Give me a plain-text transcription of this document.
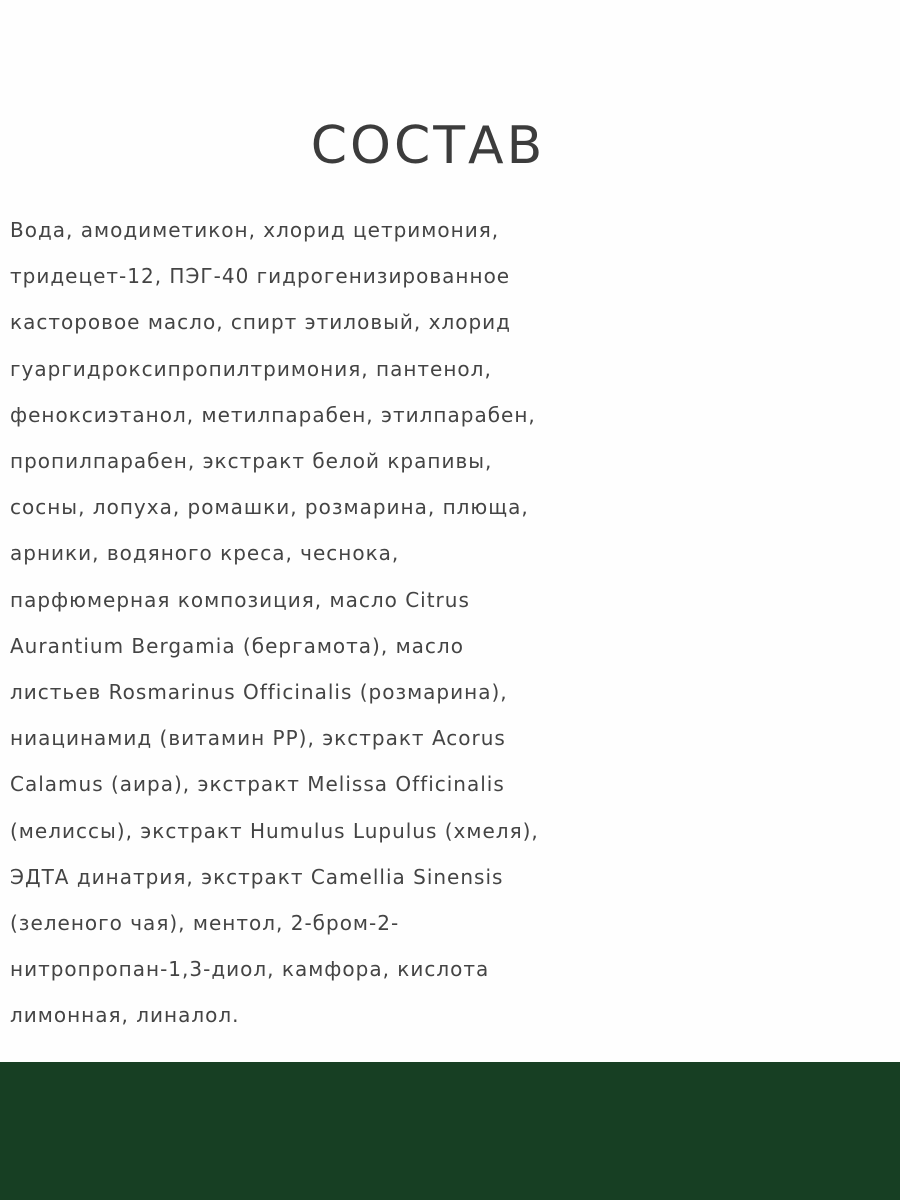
СОСТАВ
Вода, амодиметикон, хлорид цетримония,
тридецет-12, ПЭГ-40 гидрогенизированное
касторовое масло, спирт этиловый, хлорид
гуаргидроксипропилтримония, пантенол,
феноксиэтанол, метилпарабен, этилпарабен,
пропилпарабен, экстракт белой крапивы,
сосны, лопуха, ромашки, розмарина, плюща,
арники, водяного креса, чеснока,
парфюмерная композиция, масло Citrus
Aurantium Bergamia (бергамота), масло
листьев Rosmarinus Officinalis (розмарина),
ниацинамид (витамин РР), экстракт Acorus
Calamus (аира), экстракт Melissa Officinalis
(мелиссы), экстракт Humulus Lupulus (хмеля),
ЭДТА динатрия, экстракт Camellia Sinensis
(зеленого чая), ментол, 2-бром-2-
нитропропан-1,3-диол, камфора, кислота
лимонная, линалол.
